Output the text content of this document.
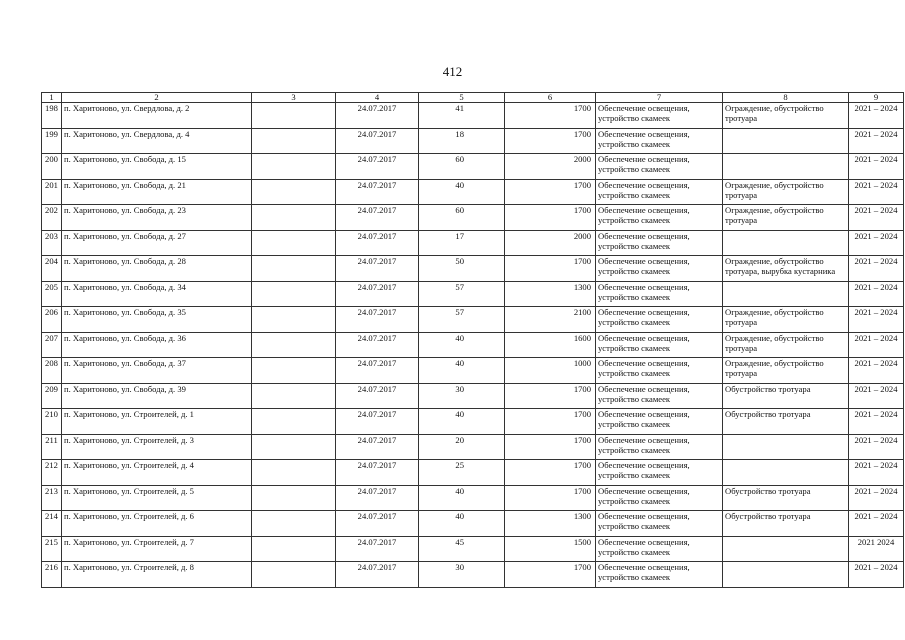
412
1	2	3	4	5	6	7	8	9
198	п. Харитоново, ул. Свердлова, д. 2		24.07.2017	41	1700	Обеспечение освещения, устройство скамеек	Ограждение, обустройство тротуара	2021 – 2024
199	п. Харитоново, ул. Свердлова, д. 4		24.07.2017	18	1700	Обеспечение освещения, устройство скамеек		2021 – 2024
200	п. Харитоново, ул. Свобода, д. 15		24.07.2017	60	2000	Обеспечение освещения, устройство скамеек		2021 – 2024
201	п. Харитоново, ул. Свобода, д. 21		24.07.2017	40	1700	Обеспечение освещения, устройство скамеек	Ограждение, обустройство тротуара	2021 – 2024
202	п. Харитоново, ул. Свобода, д. 23		24.07.2017	60	1700	Обеспечение освещения, устройство скамеек	Ограждение, обустройство тротуара	2021 – 2024
203	п. Харитоново, ул. Свобода, д. 27		24.07.2017	17	2000	Обеспечение освещения, устройство скамеек		2021 – 2024
204	п. Харитоново, ул. Свобода, д. 28		24.07.2017	50	1700	Обеспечение освещения, устройство скамеек	Ограждение, обустройство тротуара, вырубка кустарника	2021 – 2024
205	п. Харитоново, ул. Свобода, д. 34		24.07.2017	57	1300	Обеспечение освещения, устройство скамеек		2021 – 2024
206	п. Харитоново, ул. Свобода, д. 35		24.07.2017	57	2100	Обеспечение освещения, устройство скамеек	Ограждение, обустройство тротуара	2021 – 2024
207	п. Харитоново, ул. Свобода, д. 36		24.07.2017	40	1600	Обеспечение освещения, устройство скамеек	Ограждение, обустройство тротуара	2021 – 2024
208	п. Харитоново, ул. Свобода, д. 37		24.07.2017	40	1000	Обеспечение освещения, устройство скамеек	Ограждение, обустройство тротуара	2021 – 2024
209	п. Харитоново, ул. Свобода, д. 39		24.07.2017	30	1700	Обеспечение освещения, устройство скамеек	Обустройство тротуара	2021 – 2024
210	п. Харитоново, ул. Строителей, д. 1		24.07.2017	40	1700	Обеспечение освещения, устройство скамеек	Обустройство тротуара	2021 – 2024
211	п. Харитоново, ул. Строителей, д. 3		24.07.2017	20	1700	Обеспечение освещения, устройство скамеек		2021 – 2024
212	п. Харитоново, ул. Строителей, д. 4		24.07.2017	25	1700	Обеспечение освещения, устройство скамеек		2021 – 2024
213	п. Харитоново, ул. Строителей, д. 5		24.07.2017	40	1700	Обеспечение освещения, устройство скамеек	Обустройство тротуара	2021 – 2024
214	п. Харитоново, ул. Строителей, д. 6		24.07.2017	40	1300	Обеспечение освещения, устройство скамеек	Обустройство тротуара	2021 – 2024
215	п. Харитоново, ул. Строителей, д. 7		24.07.2017	45	1500	Обеспечение освещения, устройство скамеек		2021 2024
216	п. Харитоново, ул. Строителей, д. 8		24.07.2017	30	1700	Обеспечение освещения, устройство скамеек		2021 – 2024
